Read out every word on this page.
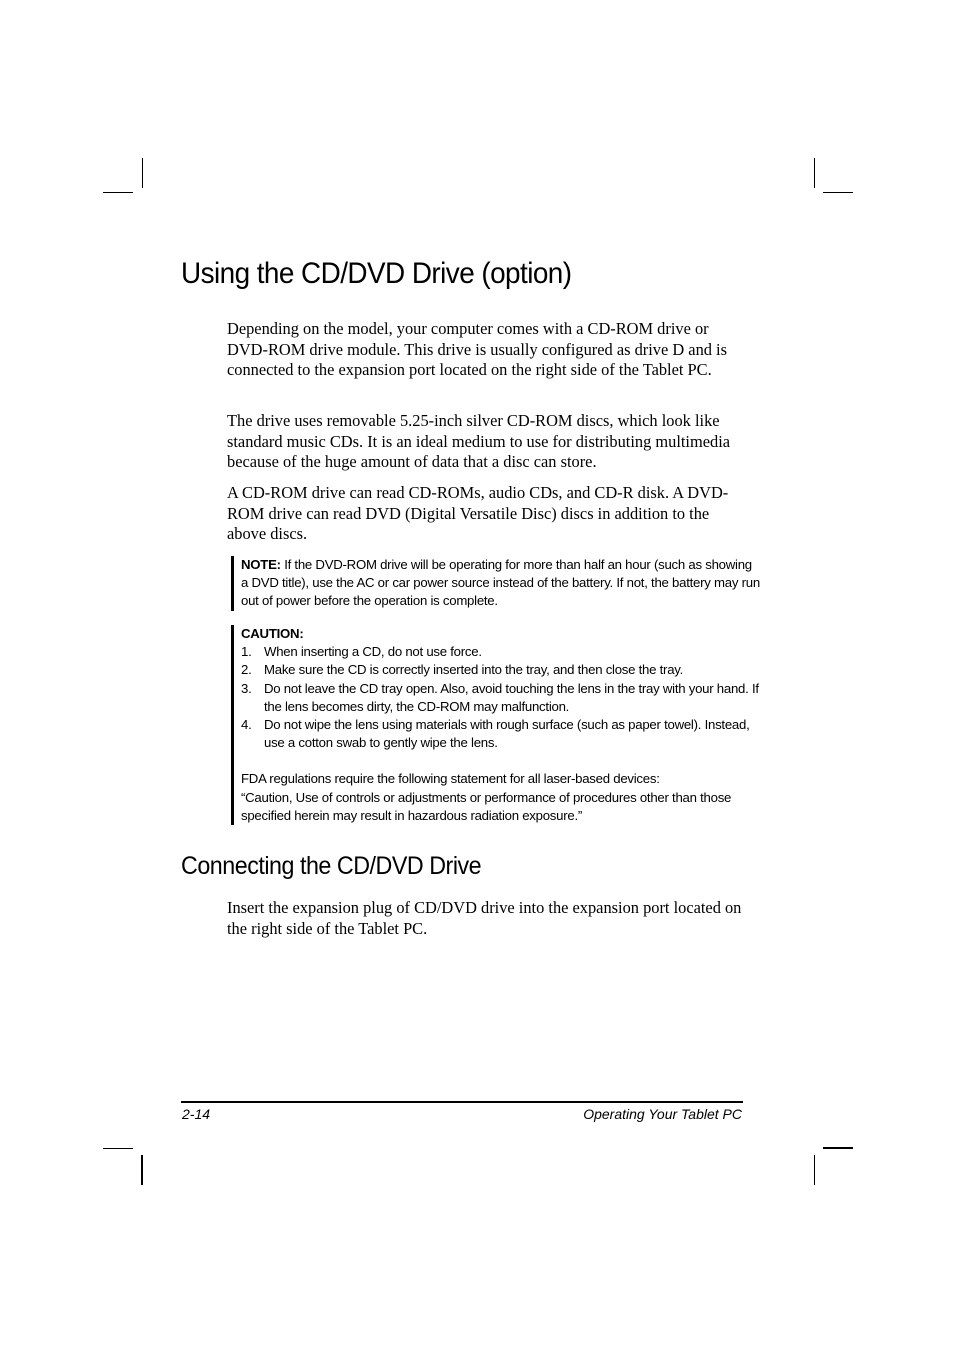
Using the CD/DVD Drive (option)

Depending on the model, your computer comes with a CD-ROM drive or DVD-ROM drive module. This drive is usually configured as drive D and is connected to the expansion port located on the right side of the Tablet PC.

The drive uses removable 5.25-inch silver CD-ROM discs, which look like standard music CDs. It is an ideal medium to use for distributing multimedia because of the huge amount of data that a disc can store.

A CD-ROM drive can read CD-ROMs, audio CDs, and CD-R disk. A DVD-ROM drive can read DVD (Digital Versatile Disc) discs in addition to the above discs.

NOTE: If the DVD-ROM drive will be operating for more than half an hour (such as showing a DVD title), use the AC or car power source instead of the battery. If not, the battery may run out of power before the operation is complete.

CAUTION:

1. When inserting a CD, do not use force.
2. Make sure the CD is correctly inserted into the tray, and then close the tray.
3. Do not leave the CD tray open. Also, avoid touching the lens in the tray with your hand. If the lens becomes dirty, the CD-ROM may malfunction.
4. Do not wipe the lens using materials with rough surface (such as paper towel). Instead, use a cotton swab to gently wipe the lens.

FDA regulations require the following statement for all laser-based devices:

“Caution, Use of controls or adjustments or performance of procedures other than those specified herein may result in hazardous radiation exposure.”

Connecting the CD/DVD Drive

Insert the expansion plug of CD/DVD drive into the expansion port located on the right side of the Tablet PC.

2-14	Operating Your Tablet PC
